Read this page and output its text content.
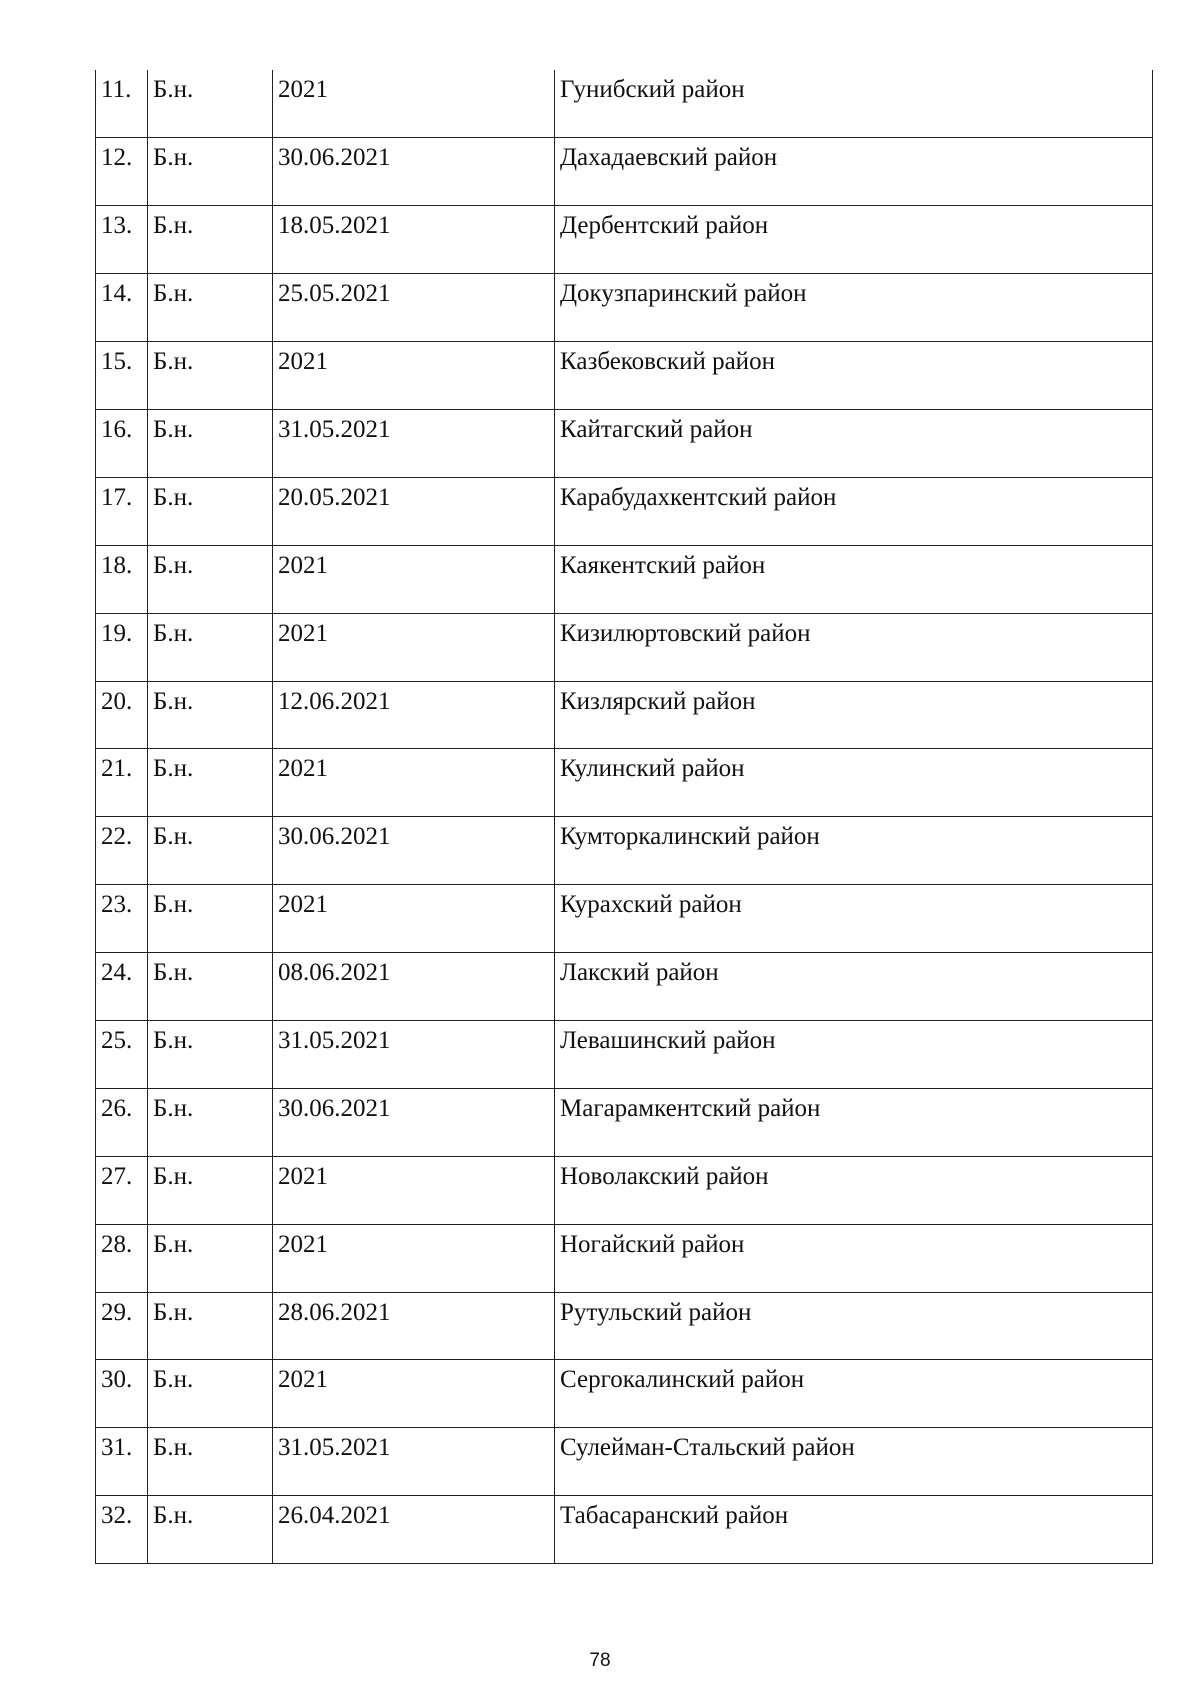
11.	Б.н.	2021	Гунибский район
12.	Б.н.	30.06.2021	Дахадаевский район
13.	Б.н.	18.05.2021	Дербентский район
14.	Б.н.	25.05.2021	Докузпаринский район
15.	Б.н.	2021	Казбековский район
16.	Б.н.	31.05.2021	Кайтагский район
17.	Б.н.	20.05.2021	Карабудахкентский район
18.	Б.н.	2021	Каякентский район
19.	Б.н.	2021	Кизилюртовский район
20.	Б.н.	12.06.2021	Кизлярский район
21.	Б.н.	2021	Кулинский район
22.	Б.н.	30.06.2021	Кумторкалинский район
23.	Б.н.	2021	Курахский район
24.	Б.н.	08.06.2021	Лакский район
25.	Б.н.	31.05.2021	Левашинский район
26.	Б.н.	30.06.2021	Магарамкентский район
27.	Б.н.	2021	Новолакский район
28.	Б.н.	2021	Ногайский район
29.	Б.н.	28.06.2021	Рутульский район
30.	Б.н.	2021	Сергокалинский район
31.	Б.н.	31.05.2021	Сулейман-Стальский район
32.	Б.н.	26.04.2021	Табасаранский район
78
